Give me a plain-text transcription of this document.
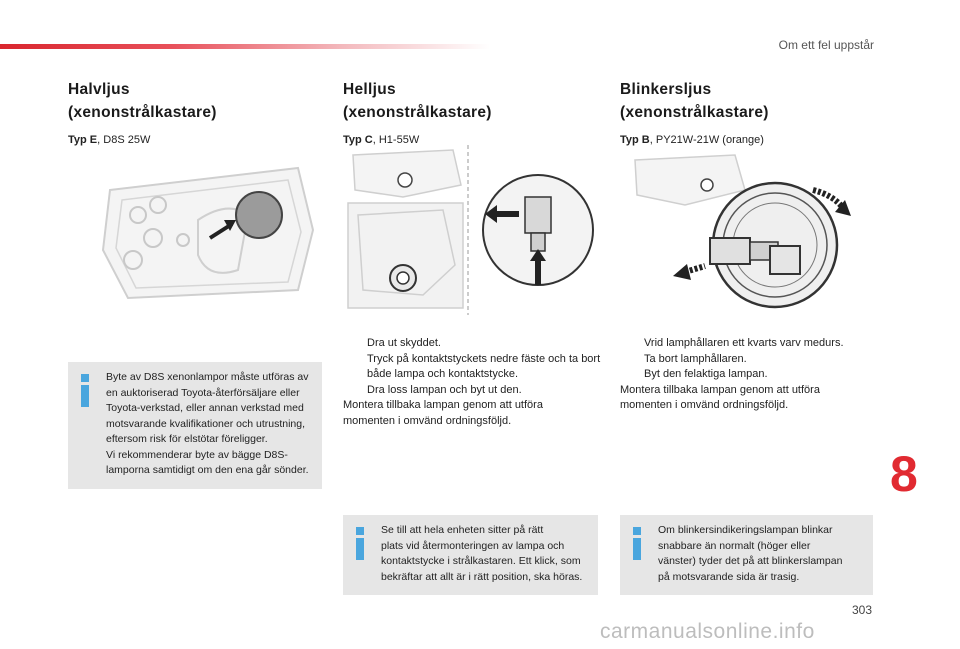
Om ett fel uppstår
Halvljus
(xenonstrålkastare)
Typ E, D8S 25W
Byte av D8S xenonlampor måste utföras av
en auktoriserad Toyota-återförsäljare eller
Toyota-verkstad, eller annan verkstad med
motsvarande kvalifikationer och utrustning,
eftersom risk för elstötar föreligger.
Vi rekommenderar byte av bägge D8S-
lamporna samtidigt om den ena går sönder.
Helljus
(xenonstrålkastare)
Typ C, H1-55W
Dra ut skyddet.
Tryck på kontaktstyckets nedre fäste och ta bort både lampa och kontaktstycke.
Dra loss lampan och byt ut den.
Montera tillbaka lampan genom att utföra momenten i omvänd ordningsföljd.
Se till att hela enheten sitter på rätt
plats vid återmonteringen av lampa och
kontaktstycke i strålkastaren. Ett klick, som
bekräftar att allt är i rätt position, ska höras.
Blinkersljus
(xenonstrålkastare)
Typ B, PY21W-21W (orange)
Vrid lamphållaren ett kvarts varv medurs.
Ta bort lamphållaren.
Byt den felaktiga lampan.
Montera tillbaka lampan genom att utföra momenten i omvänd ordningsföljd.
Om blinkersindikeringslampan blinkar
snabbare än normalt (höger eller
vänster) tyder det på att blinkerslampan
på motsvarande sida är trasig.
8
303
carmanualsonline.info
